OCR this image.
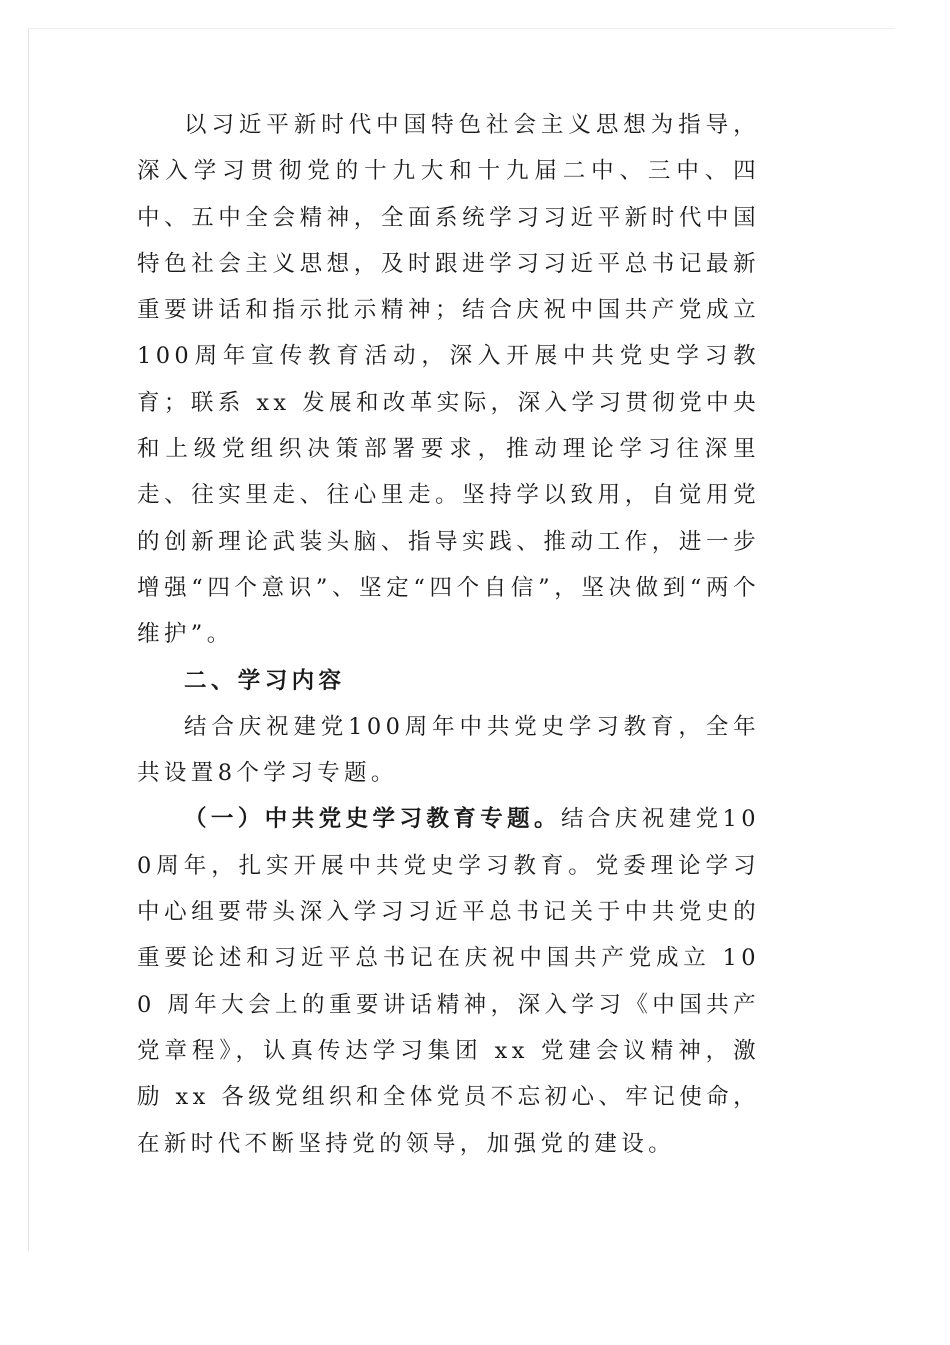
以习近平新时代中国特色社会主义思想为指导，深入学习贯彻党的十九大和十九届二中、三中、四中、五中全会精神，全面系统学习习近平新时代中国特色社会主义思想，及时跟进学习习近平总书记最新重要讲话和指示批示精神；结合庆祝中国共产党成立100周年宣传教育活动，深入开展中共党史学习教育；联系 xx 发展和改革实际，深入学习贯彻党中央和上级党组织决策部署要求，推动理论学习往深里走、往实里走、往心里走。坚持学以致用，自觉用党的创新理论武装头脑、指导实践、推动工作，进一步增强“四个意识”、坚定“四个自信”，坚决做到“两个维护”。

二、学习内容

结合庆祝建党100周年中共党史学习教育，全年共设置8个学习专题。

（一）中共党史学习教育专题。结合庆祝建党100周年，扎实开展中共党史学习教育。党委理论学习中心组要带头深入学习习近平总书记关于中共党史的重要论述和习近平总书记在庆祝中国共产党成立 100 周年大会上的重要讲话精神，深入学习《中国共产党章程》，认真传达学习集团 xx 党建会议精神，激励 xx 各级党组织和全体党员不忘初心、牢记使命，在新时代不断坚持党的领导，加强党的建设。
